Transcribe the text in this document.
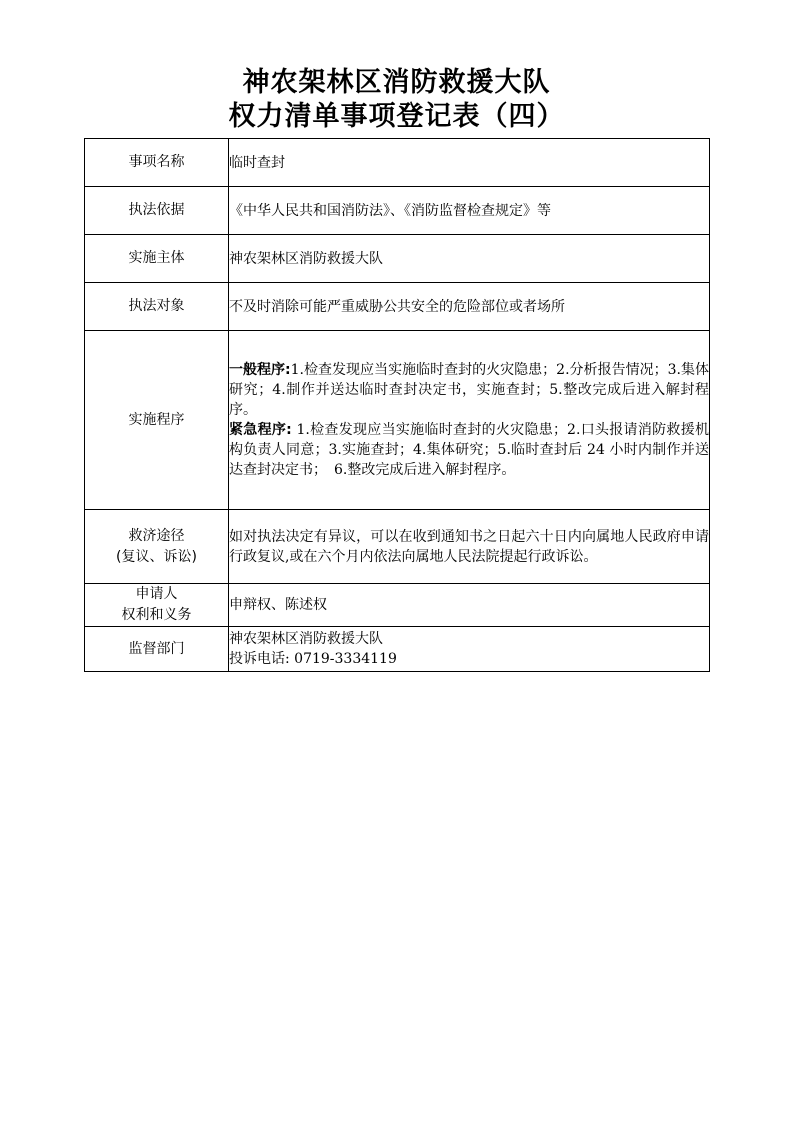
神农架林区消防救援大队
权力清单事项登记表（四）
事项名称	临时查封
执法依据	《中华人民共和国消防法》、《消防监督检查规定》等
实施主体	神农架林区消防救援大队
执法对象	不及时消除可能严重威胁公共安全的危险部位或者场所
实施程序	一般程序:1.检查发现应当实施临时查封的火灾隐患；2.分析报告情况；3.集体研究；4.制作并送达临时查封决定书，实施查封；5.整改完成后进入解封程序。
紧急程序: 1.检查发现应当实施临时查封的火灾隐患；2.口头报请消防救援机构负责人同意；3.实施查封；4.集体研究；5.临时查封后 24 小时内制作并送达查封决定书；　6.整改完成后进入解封程序。

救济途径
(复议、诉讼)	如对执法决定有异议，可以在收到通知书之日起六十日内向属地人民政府申请行政复议,或在六个月内依法向属地人民法院提起行政诉讼。

申请人
权利和义务	申辩权、陈述权
监督部门	神农架林区消防救援大队
投诉电话: 0719-3334119
